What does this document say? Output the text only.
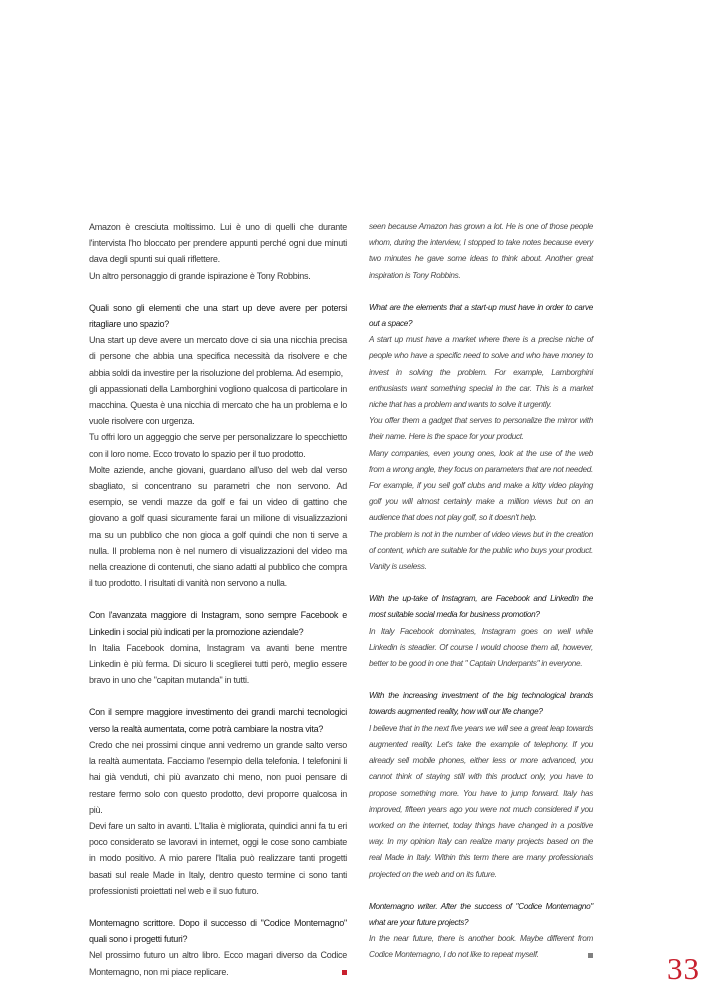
Amazon è cresciuta moltissimo. Lui è uno di quelli che durante l'intervista l'ho bloccato per prendere appunti perché ogni due minuti dava degli spunti sui quali riflettere.

Un altro personaggio di grande ispirazione è Tony Robbins.

Quali sono gli elementi che una start up deve avere per potersi ritagliare uno spazio?

Una start up deve avere un mercato dove ci sia una nicchia precisa di persone che abbia una specifica necessità da risolvere e che abbia soldi da investire per la risoluzione del problema. Ad esempio,

gli appassionati della Lamborghini vogliono qualcosa di particolare in macchina. Questa è una nicchia di mercato che ha un problema e lo vuole risolvere con urgenza.

Tu offri loro un aggeggio che serve per personalizzare lo specchietto con il loro nome. Ecco trovato lo spazio per il tuo prodotto.

Molte aziende, anche giovani, guardano all'uso del web dal verso sbagliato, si concentrano su parametri che non servono. Ad esempio, se vendi mazze da golf e fai un video di gattino che giovano a golf quasi sicuramente farai un milione di visualizzazioni ma su un pubblico che non gioca a golf quindi che non ti serve a nulla. Il problema non è nel numero di visualizzazioni del video ma nella creazione di contenuti, che siano adatti al pubblico che compra il tuo prodotto. I risultati di vanità non servono a nulla.

Con l'avanzata maggiore di Instagram, sono sempre Facebook e Linkedin i social più indicati per la promozione aziendale?

In Italia Facebook domina, Instagram va avanti bene mentre Linkedin è più ferma. Di sicuro li sceglierei tutti però, meglio essere bravo in uno che "capitan mutanda" in tutti.

Con il sempre maggiore investimento dei grandi marchi tecnologici verso la realtà aumentata, come potrà cambiare la nostra vita?

Credo che nei prossimi cinque anni vedremo un grande salto verso la realtà aumentata. Facciamo l'esempio della telefonia. I telefonini li hai già venduti, chi più avanzato chi meno, non puoi pensare di restare fermo solo con questo prodotto, devi proporre qualcosa in più.

Devi fare un salto in avanti. L'Italia è migliorata, quindici anni fa tu eri poco considerato se lavoravi in internet, oggi le cose sono cambiate in modo positivo. A mio parere l'Italia può realizzare tanti progetti basati sul reale Made in Italy, dentro questo termine ci sono tanti professionisti proiettati nel web e il suo futuro.

Montemagno scrittore. Dopo il successo di "Codice Montemagno" quali sono i progetti futuri?

Nel prossimo futuro un altro libro. Ecco magari diverso da Codice Montemagno, non mi piace replicare.

seen because Amazon has grown a lot. He is one of those people whom, during the interview, I stopped to take notes because every two minutes he gave some ideas to think about. Another great inspiration is Tony Robbins.

What are the elements that a start-up must have in order to carve out a space?

A start up must have a market where there is a precise niche of people who have a specific need to solve and who have money to invest in solving the problem. For example, Lamborghini enthusiasts want something special in the car. This is a market niche that has a problem and wants to solve it urgently.

You offer them a gadget that serves to personalize the mirror with their name. Here is the space for your product.

Many companies, even young ones, look at the use of the web from a wrong angle, they focus on parameters that are not needed. For example, if you sell golf clubs and make a kitty video playing golf you will almost certainly make a million views but on an audience that does not play golf, so it doesn't help.

The problem is not in the number of video views but in the creation of content, which are suitable for the public who buys your product. Vanity is useless.

With the up-take of Instagram, are Facebook and LinkedIn the most suitable social media for business promotion?

In Italy Facebook dominates, Instagram goes on well while Linkedin is steadier. Of course I would choose them all, however, better to be good in one that " Captain Underpants" in everyone.

With the increasing investment of the big technological brands towards augmented reality, how will our life change?

I believe that in the next five years we will see a great leap towards augmented reality. Let's take the example of telephony. If you already sell mobile phones, either less or more advanced, you cannot think of staying still with this product only, you have to propose something more. You have to jump forward. Italy has improved, fifteen years ago you were not much considered if you worked on the internet, today things have changed in a positive way. In my opinion Italy can realize many projects based on the real Made in Italy. Within this term there are many professionals projected on the web and on its future.

Montemagno writer. After the success of "Codice Montemagno" what are your future projects?

In the near future, there is another book. Maybe different from Codice Montemagno, I do not like to repeat myself.	33
